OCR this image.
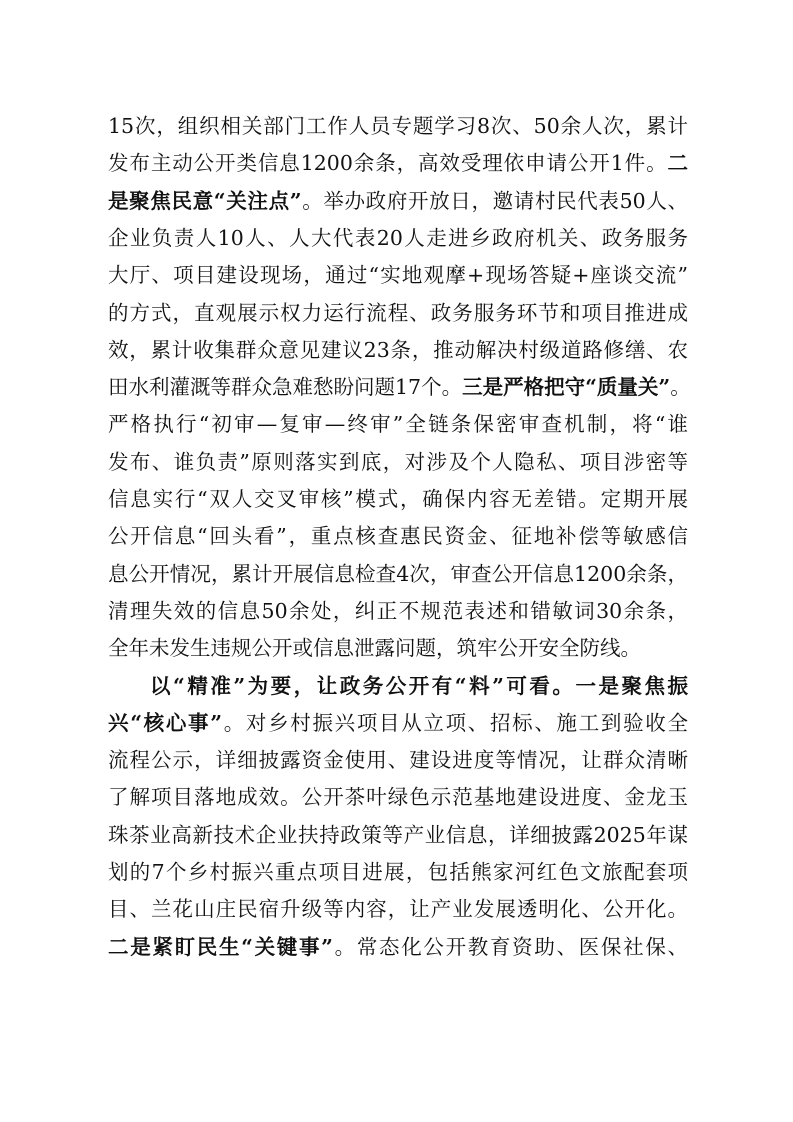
15次，组织相关部门工作人员专题学习8次、50余人次，累计
发布主动公开类信息1200余条，高效受理依申请公开1件。二
是聚焦民意“关注点”。举办政府开放日，邀请村民代表50人、
企业负责人10人、人大代表20人走进乡政府机关、政务服务
大厅、项目建设现场，通过“实地观摩+现场答疑+座谈交流”
的方式，直观展示权力运行流程、政务服务环节和项目推进成
效，累计收集群众意见建议23条，推动解决村级道路修缮、农
田水利灌溉等群众急难愁盼问题17个。三是严格把守“质量关”。
严格执行“初审—复审—终审”全链条保密审查机制，将“谁
发布、谁负责”原则落实到底，对涉及个人隐私、项目涉密等
信息实行“双人交叉审核”模式，确保内容无差错。定期开展
公开信息“回头看”，重点核查惠民资金、征地补偿等敏感信
息公开情况，累计开展信息检查4次，审查公开信息1200余条，
清理失效的信息50余处，纠正不规范表述和错敏词30余条，
全年未发生违规公开或信息泄露问题，筑牢公开安全防线。
以“精准”为要，让政务公开有“料”可看。一是聚焦振
兴“核心事”。对乡村振兴项目从立项、招标、施工到验收全
流程公示，详细披露资金使用、建设进度等情况，让群众清晰
了解项目落地成效。公开茶叶绿色示范基地建设进度、金龙玉
珠茶业高新技术企业扶持政策等产业信息，详细披露2025年谋
划的7个乡村振兴重点项目进展，包括熊家河红色文旅配套项
目、兰花山庄民宿升级等内容，让产业发展透明化、公开化。
二是紧盯民生“关键事”。常态化公开教育资助、医保社保、
